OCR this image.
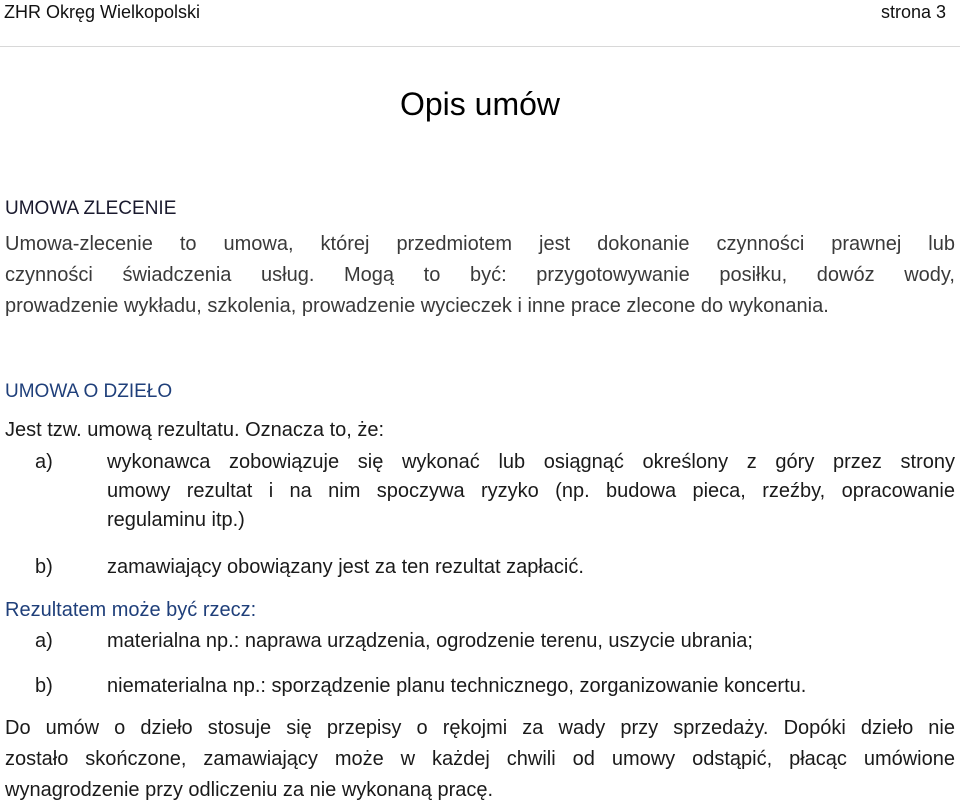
ZHR Okręg Wielkopolski	strona 3
Opis umów
UMOWA ZLECENIE
Umowa-zlecenie to umowa, której przedmiotem jest dokonanie czynności prawnej lub
czynności świadczenia usług. Mogą to być: przygotowywanie posiłku, dowóz wody,
prowadzenie wykładu, szkolenia, prowadzenie wycieczek i inne prace zlecone do wykonania.
UMOWA O DZIEŁO
Jest tzw. umową rezultatu. Oznacza to, że:
a)	wykonawca zobowiązuje się wykonać lub osiągnąć określony z góry przez strony
umowy rezultat i na nim spoczywa ryzyko (np. budowa pieca, rzeźby, opracowanie
regulaminu itp.)
b)	zamawiający obowiązany jest za ten rezultat zapłacić.
Rezultatem może być rzecz:
a)	materialna np.: naprawa urządzenia, ogrodzenie terenu, uszycie ubrania;
b)	niematerialna np.: sporządzenie planu technicznego, zorganizowanie koncertu.
Do umów o dzieło stosuje się przepisy o rękojmi za wady przy sprzedaży. Dopóki dzieło nie
zostało skończone, zamawiający może w każdej chwili od umowy odstąpić, płacąc umówione
wynagrodzenie przy odliczeniu za nie wykonaną pracę.
